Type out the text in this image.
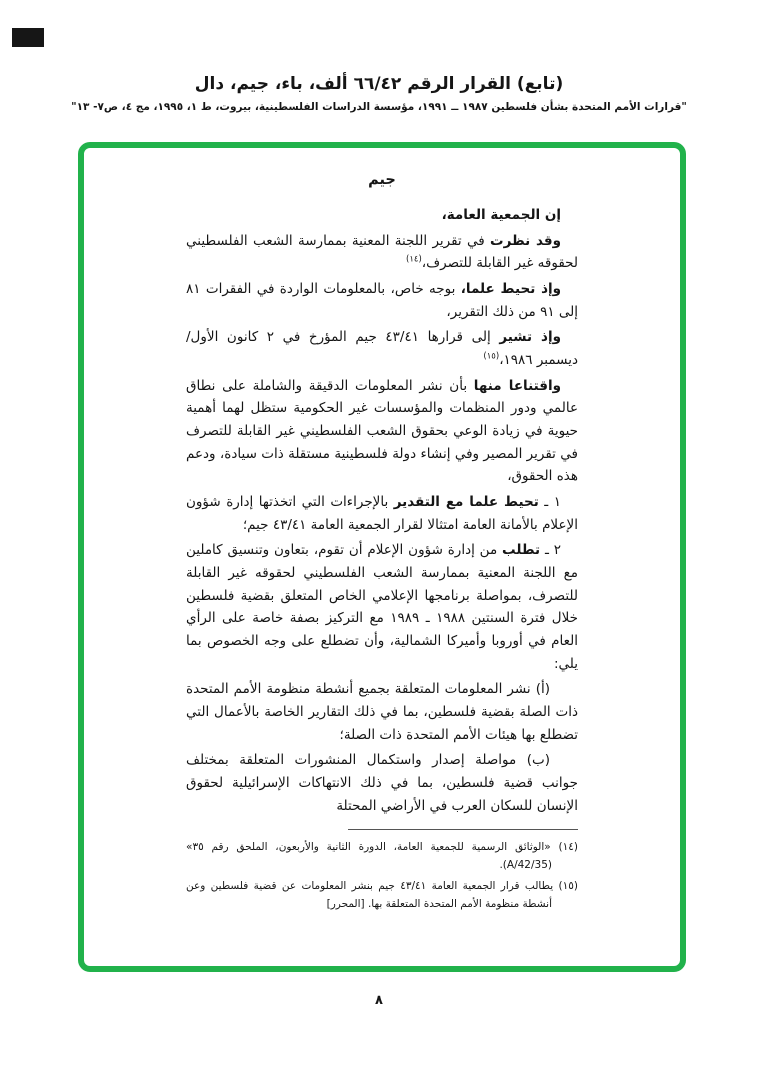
(تابع) القرار الرقم ٦٦/٤٢ ألف، باء، جيم، دال

"قرارات الأمم المتحدة بشأن فلسطين ١٩٨٧ ــ ١٩٩١، مؤسسة الدراسات الفلسطينية، بيروت، ط ١، ١٩٩٥، مج ٤، ص٧- ١٣"

جيم

إن الجمعية العامة،

وقد نظرت في تقرير اللجنة المعنية بممارسة الشعب الفلسطيني لحقوقه غير القابلة للتصرف،$^{(١٤)}$

وإذ تحيط علما، بوجه خاص، بالمعلومات الواردة في الفقرات ٨١ إلى ٩١ من ذلك التقرير،

وإذ تشير إلى قرارها ٤٣/٤١ جيم المؤرخ في ٢ كانون الأول/ ديسمبر ١٩٨٦،$^{(١٥)}$

واقتناعا منها بأن نشر المعلومات الدقيقة والشاملة على نطاق عالمي ودور المنظمات والمؤسسات غير الحكومية ستظل لهما أهمية حيوية في زيادة الوعي بحقوق الشعب الفلسطيني غير القابلة للتصرف في تقرير المصير وفي إنشاء دولة فلسطينية مستقلة ذات سيادة، ودعم هذه الحقوق،

١ ـ تحيط علما مع التقدير بالإجراءات التي اتخذتها إدارة شؤون الإعلام بالأمانة العامة امتثالا لقرار الجمعية العامة ٤٣/٤١ جيم؛

٢ ـ تطلب من إدارة شؤون الإعلام أن تقوم، بتعاون وتنسيق كاملين مع اللجنة المعنية بممارسة الشعب الفلسطيني لحقوقه غير القابلة للتصرف، بمواصلة برنامجها الإعلامي الخاص المتعلق بقضية فلسطين خلال فترة السنتين ١٩٨٨ ـ ١٩٨٩ مع التركيز بصفة خاصة على الرأي العام في أوروبا وأميركا الشمالية، وأن تضطلع على وجه الخصوص بما يلي:

(أ) نشر المعلومات المتعلقة بجميع أنشطة منظومة الأمم المتحدة ذات الصلة بقضية فلسطين، بما في ذلك التقارير الخاصة بالأعمال التي تضطلع بها هيئات الأمم المتحدة ذات الصلة؛

(ب) مواصلة إصدار واستكمال المنشورات المتعلقة بمختلف جوانب قضية فلسطين، بما في ذلك الانتهاكات الإسرائيلية لحقوق الإنسان للسكان العرب في الأراضي المحتلة

(١٤) «الوثائق الرسمية للجمعية العامة، الدورة الثانية والأربعون، الملحق رقم ٣٥» (A/42/35).

(١٥) يطالب قرار الجمعية العامة ٤٣/٤١ جيم بنشر المعلومات عن قضية فلسطين وعن أنشطة منظومة الأمم المتحدة المتعلقة بها. [المحرر]

٨
